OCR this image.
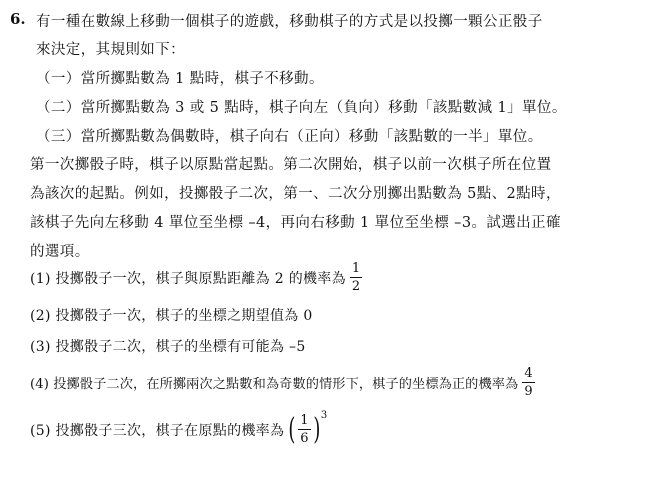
6. 有一種在數線上移動一個棋子的遊戲，移動棋子的方式是以投擲一顆公正骰子
來決定，其規則如下：
（一）當所擲點數為 1 點時，棋子不移動。
（二）當所擲點數為 3 或 5 點時，棋子向左（負向）移動「該點數減 1」單位。
（三）當所擲點數為偶數時，棋子向右（正向）移動「該點數的一半」單位。
第一次擲骰子時，棋子以原點當起點。第二次開始，棋子以前一次棋子所在位置
為該次的起點。例如，投擲骰子二次，第一、二次分別擲出點數為 5點、2點時，
該棋子先向左移動 4 單位至坐標 –4，再向右移動 1 單位至坐標 –3。試選出正確
的選項。
(1) 投擲骰子一次，棋子與原點距離為 2 的機率為 $\frac{1}{2}$
(2) 投擲骰子一次，棋子的坐標之期望值為 0
(3) 投擲骰子二次，棋子的坐標有可能為 –5
(4) 投擲骰子二次，在所擲兩次之點數和為奇數的情形下，棋子的坐標為正的機率為 $\frac{4}{9}$
(5) 投擲骰子三次，棋子在原點的機率為 ( $\frac{1}{6}$ ) 3
